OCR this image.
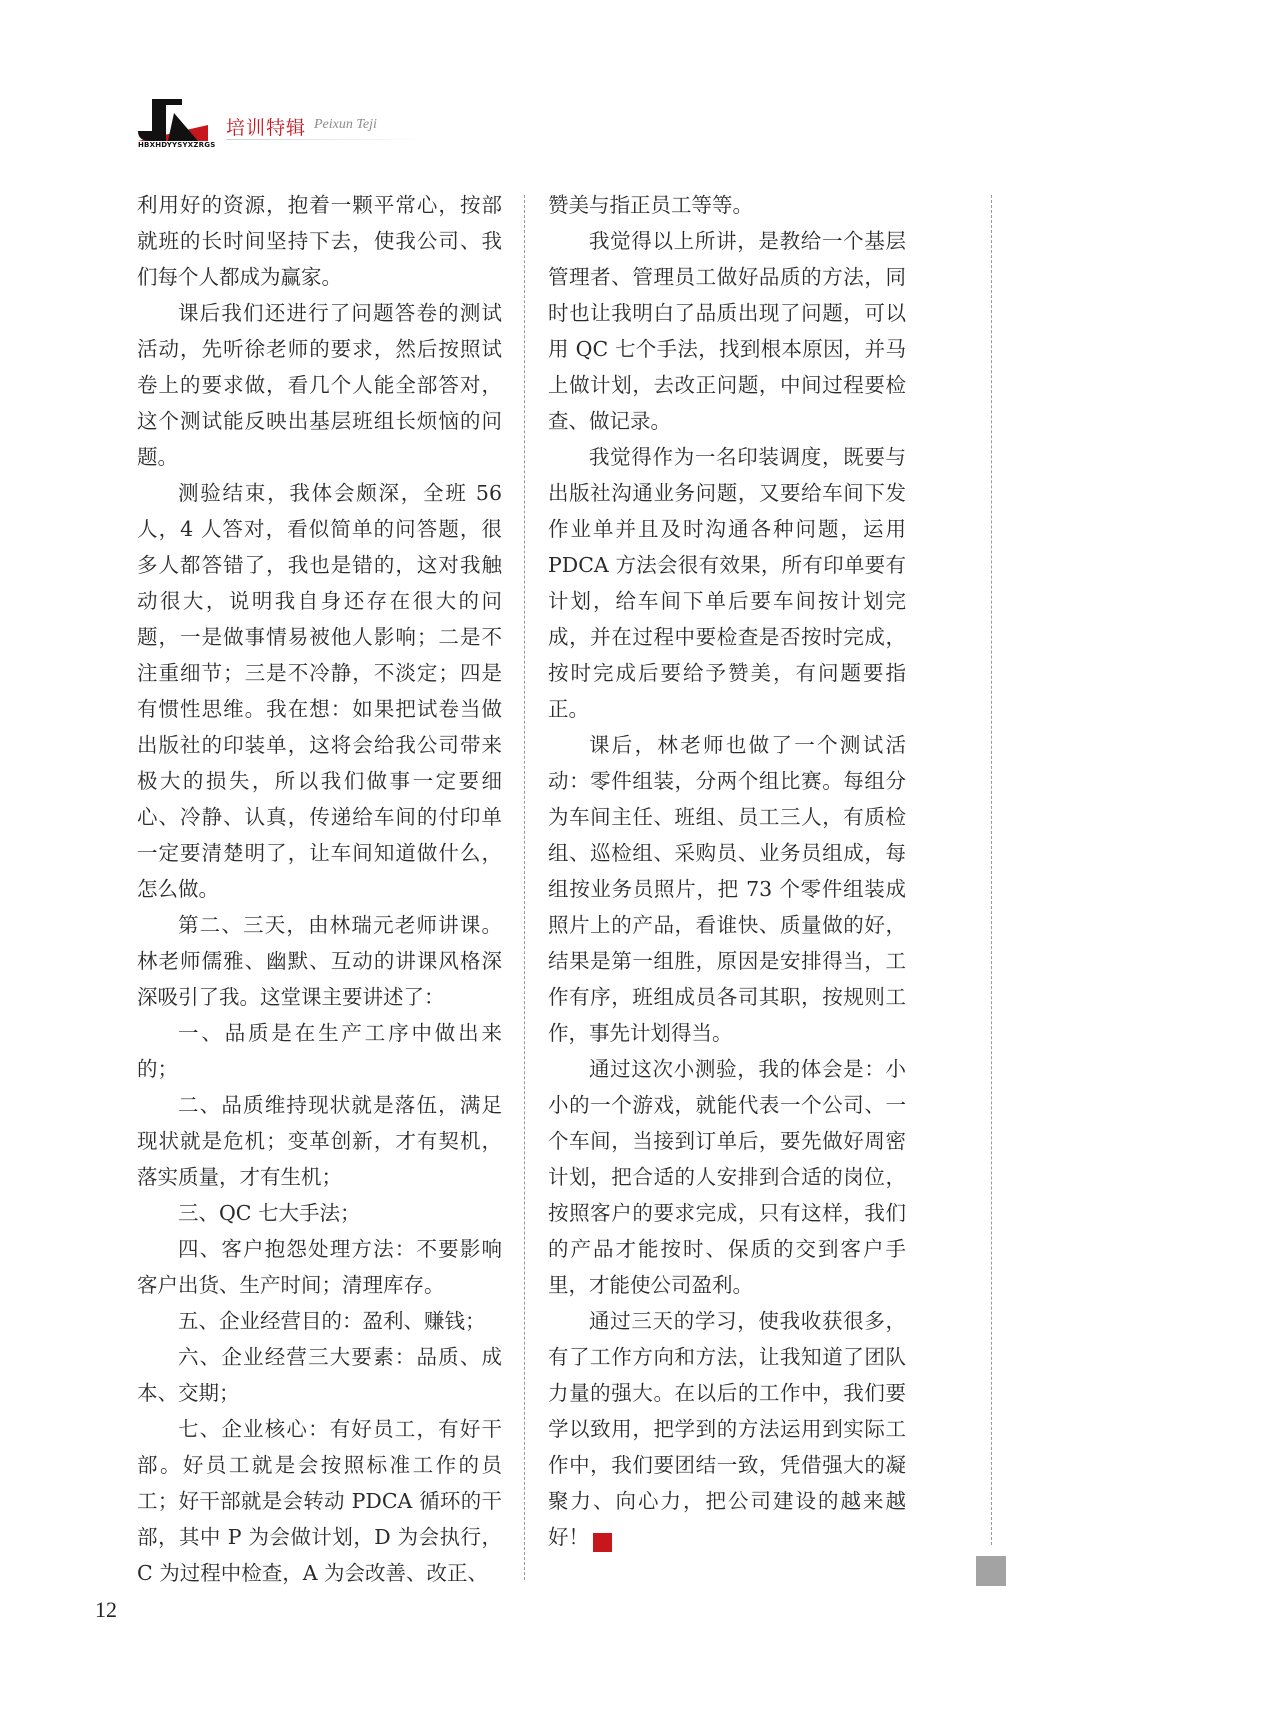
HBXHDYYSYXZRGS
培训特辑 Peixun Teji

利用好的资源，抱着一颗平常心，按部就班的长时间坚持下去，使我公司、我们每个人都成为赢家。

课后我们还进行了问题答卷的测试活动，先听徐老师的要求，然后按照试卷上的要求做，看几个人能全部答对，这个测试能反映出基层班组长烦恼的问题。

测验结束，我体会颇深，全班 56 人，4 人答对，看似简单的问答题，很多人都答错了，我也是错的，这对我触动很大，说明我自身还存在很大的问题，一是做事情易被他人影响；二是不注重细节；三是不冷静，不淡定；四是有惯性思维。我在想：如果把试卷当做出版社的印装单，这将会给我公司带来极大的损失，所以我们做事一定要细心、冷静、认真，传递给车间的付印单一定要清楚明了，让车间知道做什么，怎么做。

第二、三天，由林瑞元老师讲课。林老师儒雅、幽默、互动的讲课风格深深吸引了我。这堂课主要讲述了：

一、品质是在生产工序中做出来的；

二、品质维持现状就是落伍，满足现状就是危机；变革创新，才有契机，落实质量，才有生机；

三、QC 七大手法；

四、客户抱怨处理方法：不要影响客户出货、生产时间；清理库存。

五、企业经营目的：盈利、赚钱；

六、企业经营三大要素：品质、成本、交期；

七、企业核心：有好员工，有好干部。好员工就是会按照标准工作的员工；好干部就是会转动 PDCA 循环的干部，其中 P 为会做计划，D 为会执行，C 为过程中检查，A 为会改善、改正、

赞美与指正员工等等。

我觉得以上所讲，是教给一个基层管理者、管理员工做好品质的方法，同时也让我明白了品质出现了问题，可以用 QC 七个手法，找到根本原因，并马上做计划，去改正问题，中间过程要检查、做记录。

我觉得作为一名印装调度，既要与出版社沟通业务问题，又要给车间下发作业单并且及时沟通各种问题，运用 PDCA 方法会很有效果，所有印单要有计划，给车间下单后要车间按计划完成，并在过程中要检查是否按时完成，按时完成后要给予赞美，有问题要指正。

课后，林老师也做了一个测试活动：零件组装，分两个组比赛。每组分为车间主任、班组、员工三人，有质检组、巡检组、采购员、业务员组成，每组按业务员照片，把 73 个零件组装成照片上的产品，看谁快、质量做的好，结果是第一组胜，原因是安排得当，工作有序，班组成员各司其职，按规则工作，事先计划得当。

通过这次小测验，我的体会是：小小的一个游戏，就能代表一个公司、一个车间，当接到订单后，要先做好周密计划，把合适的人安排到合适的岗位，按照客户的要求完成，只有这样，我们的产品才能按时、保质的交到客户手里，才能使公司盈利。

通过三天的学习，使我收获很多，有了工作方向和方法，让我知道了团队力量的强大。在以后的工作中，我们要学以致用，把学到的方法运用到实际工作中，我们要团结一致，凭借强大的凝聚力、向心力，把公司建设的越来越好！	新

12
